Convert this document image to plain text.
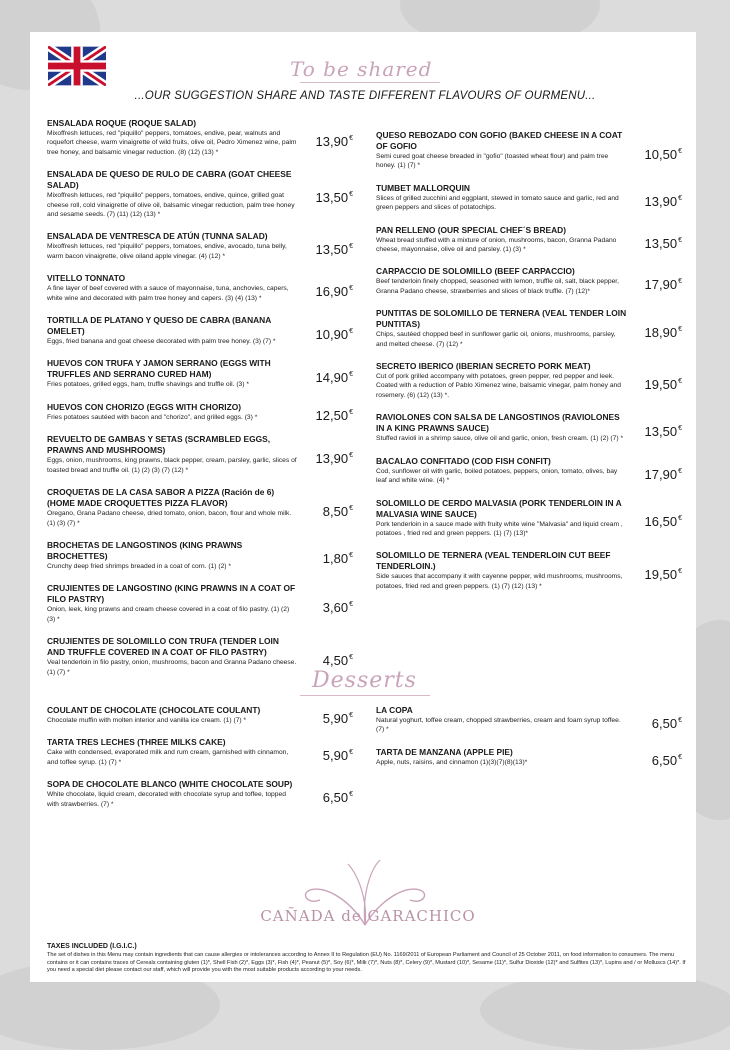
To be shared
...OUR SUGGESTION SHARE AND TASTE DIFFERENT FLAVOURS OF OURMENU...
ENSALADA ROQUE (ROQUE SALAD)
Mixoffresh lettuces, red "piquillo" peppers, tomatoes, endive, pear, walnuts and roquefort cheese, warm vinaigrette of wild fruits, olive oil, Pedro Ximenez wine, palm tree honey, and balsamic vinegar reduction. (8) (12) (13) *
13,90€
ENSALADA DE QUESO DE RULO DE CABRA (GOAT CHEESE SALAD)
Mixoffresh lettuces, red "piquillo" peppers, tomatoes, endive, quince, grilled goat cheese roll, cold vinaigrette of olive oil, balsamic vinegar reduction, palm tree honey and sesame seeds. (7) (11) (12) (13) *
13,50€
ENSALADA DE VENTRESCA DE ATÚN (TUNNA SALAD)
Mixoffresh lettuces, red "piquillo" peppers, tomatoes, endive, avocado, tuna belly, warm bacon vinaigrette, olive oiland apple vinegar. (4) (12) *	13,50€
VITELLO TONNATO
A fine layer of beef covered with a sauce of mayonnaise, tuna, anchovies, capers, white wine and decorated with palm tree honey and capers. (3) (4) (13) *	16,90€
TORTILLA DE PLATANO Y QUESO DE CABRA (BANANA OMELET)
Eggs, fried banana and goat cheese decorated with palm tree honey. (3) (7) *	10,90€
HUEVOS CON TRUFA Y JAMON SERRANO (EGGS WITH TRUFFLES AND SERRANO CURED HAM)
Fries potatoes, grilled eggs, ham, truffle shavings and truffle oil. (3) *	14,90€
HUEVOS CON CHORIZO (EGGS WITH CHORIZO)
Fries potatoes sautéed with bacon and "chorizo", and grilled eggs. (3) *	12,50€
REVUELTO DE GAMBAS Y SETAS (SCRAMBLED EGGS, PRAWNS AND MUSHROOMS)
Eggs, onion, mushrooms, king prawns, black pepper, cream, parsley, garlic, slices of toasted bread and truffle oil. (1) (2) (3) (7) (12) *
13,90€
CROQUETAS DE LA CASA SABOR A PIZZA (Ración de 6) (HOME MADE CROQUETTES PIZZA FLAVOR)
Oregano, Grana Padano cheese, dried tomato, onion, bacon, flour and whole milk. (1) (3) (7) *
8,50€
BROCHETAS DE LANGOSTINOS (KING PRAWNS BROCHETTES)
Crunchy deep fried shrimps breaded in a coat of corn. (1) (2) *	1,80€
CRUJIENTES DE LANGOSTINO (KING PRAWNS IN A COAT OF FILO PASTRY)
Onion, leek, king prawns and cream cheese covered in a coat of filo pastry. (1) (2) (3) *
3,60€
CRUJIENTES DE SOLOMILLO CON TRUFA (TENDER LOIN AND TRUFFLE COVERED IN A COAT OF FILO PASTRY)
Veal tenderloin in filo pastry, onion, mushrooms, bacon and Granna Padano cheese. (1) (7) *
4,50€
QUESO REBOZADO CON GOFIO (BAKED CHEESE IN A COAT OF GOFIO
Semi cured goat cheese breaded in "gofio" (toasted wheat flour) and palm tree honey. (1) (7) *
10,50€
TUMBET MALLORQUIN
Slices of grilled zucchini and eggplant, stewed in tomato sauce and garlic, red and green peppers and slices of potatochips.	13,90€
PAN RELLENO (OUR SPECIAL CHEF´S BREAD)
Wheat bread stuffed with a mixture of onion, mushrooms, bacon, Granna Padano cheese, mayonnaise, olive oil and parsley. (1) (3) *	13,50€
CARPACCIO DE SOLOMILLO (BEEF CARPACCIO)
Beef tenderloin finely chopped, seasoned with lemon, truffle oil, salt, black pepper, Granna Padano cheese, strawberries and slices of black truffle. (7) (12)*	17,90€
PUNTITAS DE SOLOMILLO DE TERNERA (VEAL TENDER LOIN PUNTITAS)
Chips, sautéed chopped beef in sunflower garlic oil, onions, mushrooms, parsley, and melted cheese. (7) (12) *
18,90€
SECRETO IBERICO (IBERIAN SECRETO PORK MEAT)
Cut of pork grilled accompany with potatoes, green pepper, red pepper and leek. Coated with a reduction of Pablo Ximenez wine, balsamic vinegar, palm honey and rosemery. (6) (12) (13) *.
19,50€
RAVIOLONES CON SALSA DE LANGOSTINOS (RAVIOLONES IN A KING PRAWNS SAUCE)
Stuffed ravioli in a shrimp sauce, olive oil and garlic, onion, fresh cream. (1) (2) (7) *	13,50€
BACALAO CONFITADO (COD FISH CONFIT)
Cod, sunflower oil with garlic, boiled potatoes, peppers, onion, tomato, olives, bay leaf and white wine. (4) *	17,90€
SOLOMILLO DE CERDO MALVASIA (PORK TENDERLOIN IN A MALVASIA WINE SAUCE)
Pork tenderloin in a sauce made with fruity white wine "Malvasia" and liquid cream , potatoes , fried red and green peppers. (1) (7) (13)*
16,50€
SOLOMILLO DE TERNERA (VEAL TENDERLOIN CUT BEEF TENDERLOIN.)
Side sauces that accompany it with cayenne pepper, wild mushrooms, mushrooms, potatoes, fried red and green peppers. (1) (7) (12) (13) *
19,50€
Desserts
COULANT DE CHOCOLATE (CHOCOLATE COULANT)
Chocolate muffin with molten interior and vanilla ice cream. (1) (7) *	5,90€
TARTA TRES LECHES (THREE MILKS CAKE)
Cake with condensed, evaporated milk and rum cream, garnished with cinnamon, and toffee syrup. (1) (7) *	5,90€
SOPA DE CHOCOLATE BLANCO (WHITE CHOCOLATE SOUP)
White chocolate, liquid cream, decorated with chocolate syrup and toffee, topped with strawberries. (7) *	6,50€
LA COPA
Natural yoghurt, toffee cream, chopped strawberries, cream and foam syrup toffee. (7) *	6,50€
TARTA DE MANZANA (APPLE PIE)
Apple, nuts, raisins, and cinnamon (1)(3)(7)(8)(13)*	6,50€
CAÑADA de GARACHICO
TAXES INCLUDED (I.G.I.C.)
The set of dishes in this Menu may contain ingredients that can cause allergies or intolerances according to Annex II to Regulation (EU) No. 1169/2011 of European Parliament and Council of 25 October 2011, on food information to consumers. The menu contains or it can contains traces of Cereals containing gluten (1)*, Shell Fish (2)*, Eggs (3)*, Fish (4)*, Peanut (5)*, Soy (6)*, Milk (7)*, Nuts (8)*, Celery (9)*, Mustard (10)*, Sesame (11)*, Sulfur Dioxide (12)* and Sulfites (13)*, Lupins and / or Molluscs (14)*. If you need a special diet please contact our staff, which will provide you with the most suitable products according to your needs.
